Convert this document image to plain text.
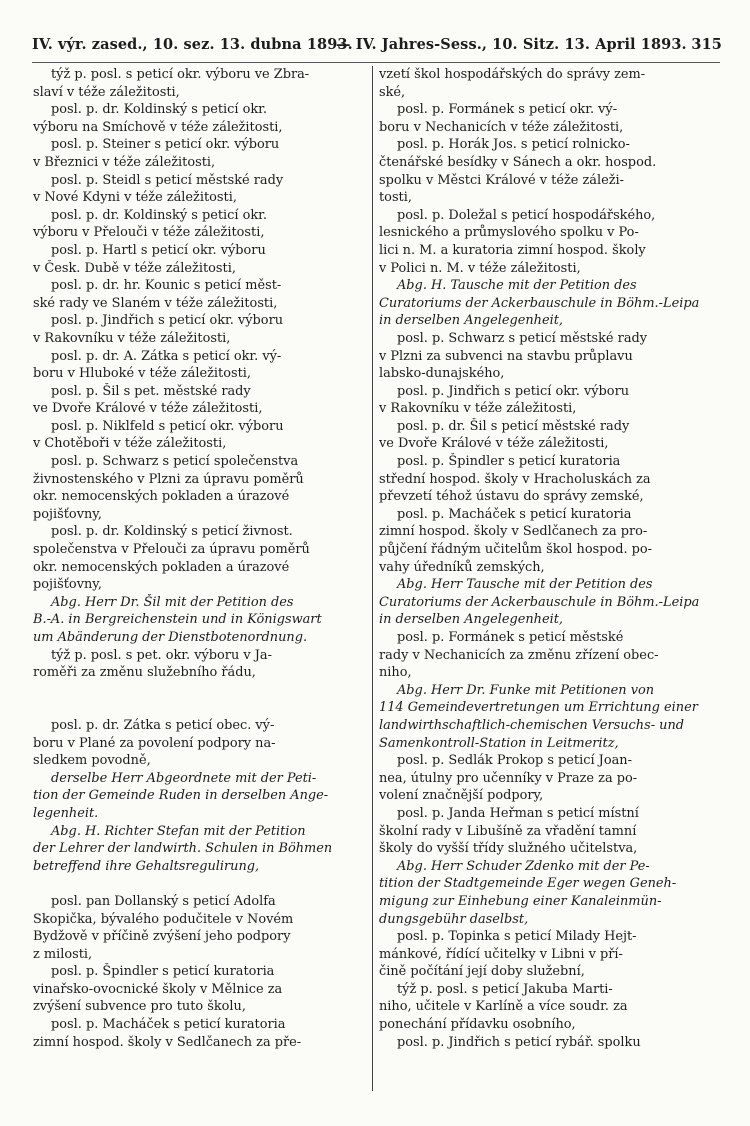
IV. výr. zased., 10. sez. 13. dubna 1893.
— IV. Jahres-Sess., 10. Sitz. 13. April 1893. 315
týž p. posl. s peticí okr. výboru ve Zbra-
slaví v téže záležitosti,
posl. p. dr. Koldinský s peticí okr.
výboru na Smíchově v téže záležitosti,
posl. p. Steiner s peticí okr. výboru
v Březnici v téže záležitosti,
posl. p. Steidl s peticí městské rady
v Nové Kdyni v téže záležitosti,
posl. p. dr. Koldinský s peticí okr.
výboru v Přelouči v téže záležitosti,
posl. p. Hartl s peticí okr. výboru
v Česk. Dubě v téže záležitosti,
posl. p. dr. hr. Kounic s peticí měst-
ské rady ve Slaném v téže záležitosti,
posl. p. Jindřich s peticí okr. výboru
v Rakovníku v téže záležitosti,
posl. p. dr. A. Zátka s peticí okr. vý-
boru v Hluboké v téže záležitosti,
posl. p. Šil s pet. městské rady
ve Dvoře Králové v téže záležitosti,
posl. p. Niklfeld s peticí okr. výboru
v Chotěboři v téže záležitosti,
posl. p. Schwarz s peticí společenstva
živnostenského v Plzni za úpravu poměrů
okr. nemocenských pokladen a úrazové
pojišťovny,
posl. p. dr. Koldinský s peticí živnost.
společenstva v Přelouči za úpravu poměrů
okr. nemocenských pokladen a úrazové
pojišťovny,
Abg. Herr Dr. Šil mit der Petition des
B.-A. in Bergreichenstein und in Königswart
um Abänderung der Dienstbotenordnung.
týž p. posl. s pet. okr. výboru v Ja-
roměři za změnu služebního řádu,
posl. p. dr. Zátka s peticí obec. vý-
boru v Plané za povolení podpory na-
sledkem povodně,
derselbe Herr Abgeordnete mit der Peti-
tion der Gemeinde Ruden in derselben Ange-
legenheit.
Abg. H. Richter Stefan mit der Petition
der Lehrer der landwirth. Schulen in Böhmen
betreffend ihre Gehaltsregulirung,
posl. pan Dollanský s peticí Adolfa
Skopička, bývalého podučitele v Novém
Bydžově v příčině zvýšení jeho podpory
z milosti,
posl. p. Špindler s peticí kuratoria
vinařsko-ovocnické školy v Mělnice za
zvýšení subvence pro tuto školu,
posl. p. Macháček s peticí kuratoria
zimní hospod. školy v Sedlčanech za pře-
vzetí škol hospodářských do správy zem-
ské,
posl. p. Formánek s peticí okr. vý-
boru v Nechanicích v téže záležitosti,
posl. p. Horák Jos. s peticí rolnicko-
čtenářské besídky v Sánech a okr. hospod.
spolku v Městci Králové v téže záleži-
tosti,
posl. p. Doležal s peticí hospodářského,
lesnického a průmyslového spolku v Po-
lici n. M. a kuratoria zimní hospod. školy
v Polici n. M. v téže záležitosti,
Abg. H. Tausche mit der Petition des
Curatoriums der Ackerbauschule in Böhm.-Leipa
in derselben Angelegenheit,
posl. p. Schwarz s peticí městské rady
v Plzni za subvenci na stavbu průplavu
labsko-dunajského,
posl. p. Jindřich s peticí okr. výboru
v Rakovníku v téže záležitosti,
posl. p. dr. Šil s peticí městské rady
ve Dvoře Králové v téže záležitosti,
posl. p. Špindler s peticí kuratoria
střední hospod. školy v Hracholuskách za
převzetí téhož ústavu do správy zemské,
posl. p. Macháček s peticí kuratoria
zimní hospod. školy v Sedlčanech za pro-
půjčení řádným učitelům škol hospod. po-
vahy úředníků zemských,
Abg. Herr Tausche mit der Petition des
Curatoriums der Ackerbauschule in Böhm.-Leipa
in derselben Angelegenheit,
posl. p. Formánek s peticí městské
rady v Nechanicích za změnu zřízení obec-
niho,
Abg. Herr Dr. Funke mit Petitionen von
114 Gemeindevertretungen um Errichtung einer
landwirthschaftlich-chemischen Versuchs- und
Samenkontroll-Station in Leitmeritz,
posl. p. Sedlák Prokop s peticí Joan-
nea, útulny pro učenníky v Praze za po-
volení značnější podpory,
posl. p. Janda Heřman s peticí místní
školní rady v Libušíně za vřadění tamní
školy do vyšší třídy služného učitelstva,
Abg. Herr Schuder Zdenko mit der Pe-
tition der Stadtgemeinde Eger wegen Geneh-
migung zur Einhebung einer Kanaleinmün-
dungsgebühr daselbst,
posl. p. Topinka s peticí Milady Hejt-
mánkové, řídící učitelky v Libni v pří-
čině počítání její doby služební,
týž p. posl. s peticí Jakuba Marti-
niho, učitele v Karlíně a více soudr. za
ponechání přídavku osobního,
posl. p. Jindřich s peticí rybář. spolku
